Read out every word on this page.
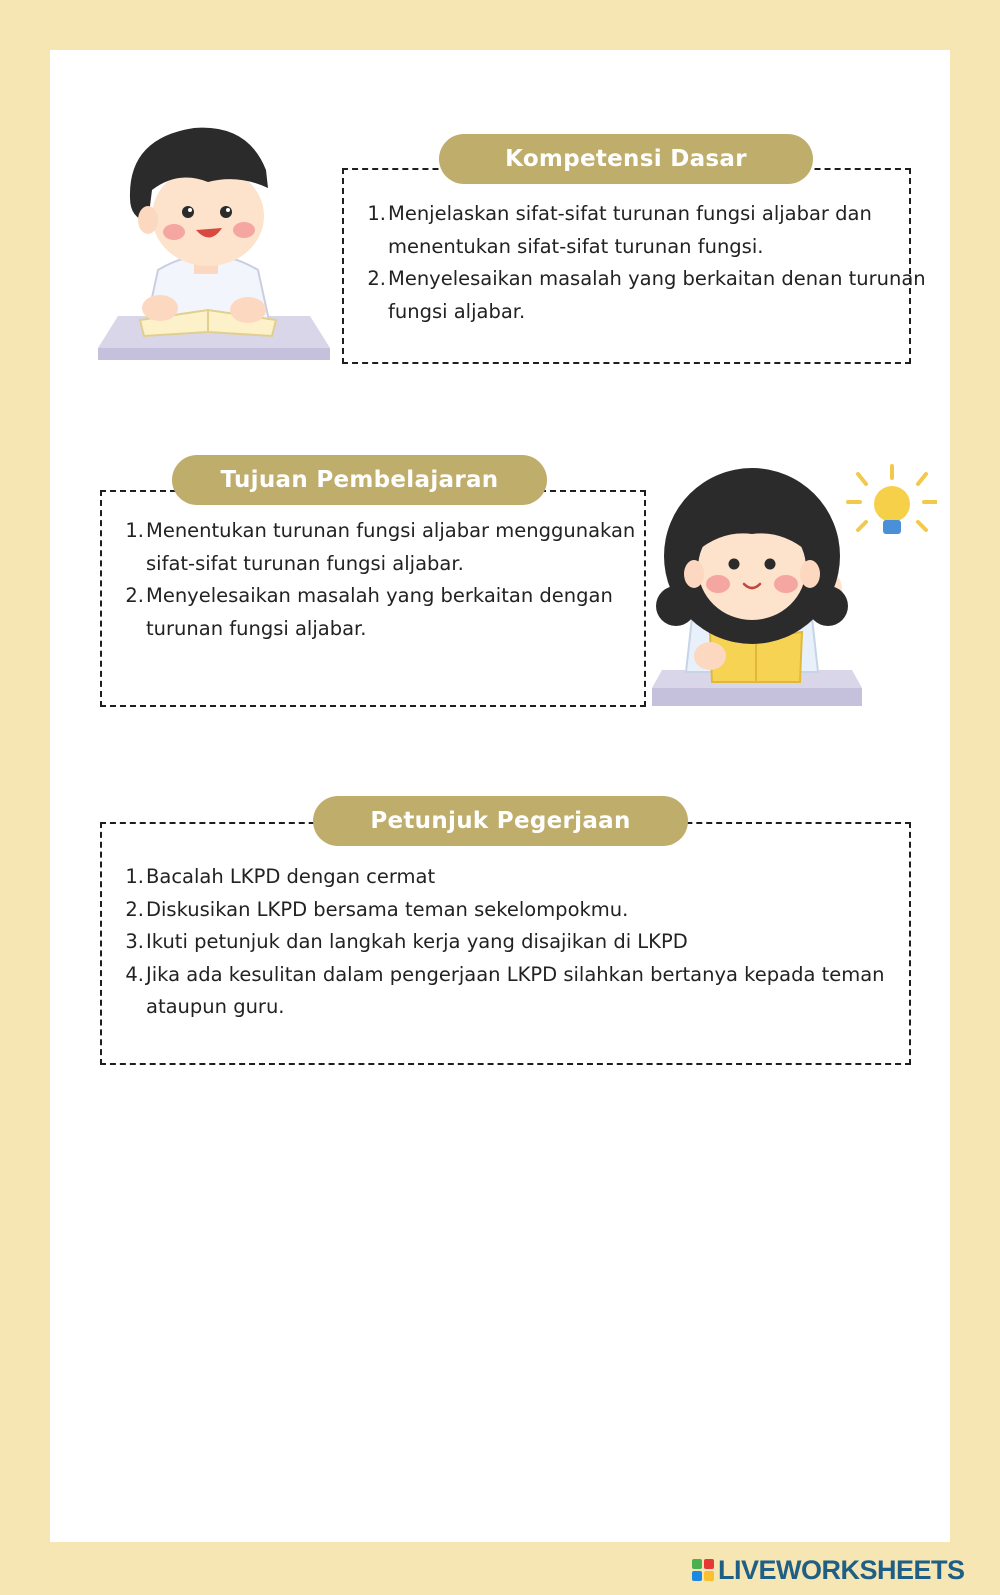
Kompetensi Dasar
Menjelaskan sifat-sifat turunan fungsi aljabar dan menentukan sifat-sifat turunan fungsi.
Menyelesaikan masalah yang berkaitan denan turunan fungsi aljabar.
Tujuan Pembelajaran
Menentukan turunan fungsi aljabar menggunakan sifat-sifat turunan fungsi aljabar.
Menyelesaikan masalah yang berkaitan dengan turunan fungsi aljabar.
Petunjuk Pegerjaan
Bacalah LKPD dengan cermat
Diskusikan LKPD bersama teman sekelompokmu.
Ikuti petunjuk dan langkah kerja yang disajikan di LKPD
Jika ada kesulitan dalam pengerjaan LKPD silahkan bertanya kepada teman ataupun guru.
LIVEWORKSHEETS
